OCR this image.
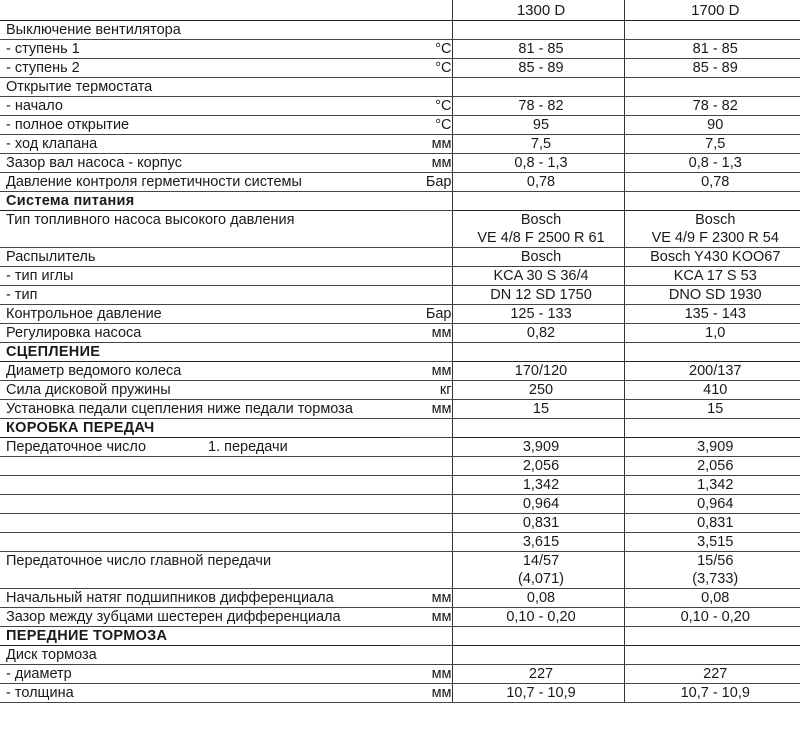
		1300 D	1700 D
Выключение вентилятора			
- ступень 1	°C	81 - 85	81 - 85
- ступень 2	°C	85 - 89	85 - 89
Открытие термостата			
- начало	°C	78 - 82	78 - 82
- полное открытие	°C	95	90
- ход клапана	мм	7,5	7,5
Зазор вал насоса - корпус	мм	0,8 - 1,3	0,8 - 1,3
Давление контроля герметичности системы	Бар	0,78	0,78
Система питания			
Тип топливного насоса высокого давления		Bosch	Bosch
		VE 4/8 F 2500 R 61	VE 4/9 F 2300 R 54
Распылитель		Bosch	Bosch Y430 KOO67
- тип иглы		KCA 30 S 36/4	KCA 17 S 53
- тип		DN 12 SD 1750	DNO SD 1930
Контрольное давление	Бар	125 - 133	135 - 143
Регулировка насоса	мм	0,82	1,0
СЦЕПЛЕНИЕ			
Диаметр ведомого колеса	мм	170/120	200/137
Сила дисковой пружины	кг	250	410
Установка педали сцепления ниже педали тормоза	мм	15	15
КОРОБКА ПЕРЕДАЧ			
Передаточное число 1. передачи		3,909	3,909

		2,056	2,056

		1,342	1,342

		0,964	0,964

		0,831	0,831

		3,615	3,515
Передаточное число главной передачи		14/57	15/56
		(4,071)	(3,733)
Начальный натяг подшипников дифференциала	мм	0,08	0,08
Зазор между зубцами шестерен дифференциала	мм	0,10 - 0,20	0,10 - 0,20
ПЕРЕДНИЕ ТОРМОЗА			
Диск тормоза			
- диаметр	мм	227	227
- толщина	мм	10,7 - 10,9	10,7 - 10,9
